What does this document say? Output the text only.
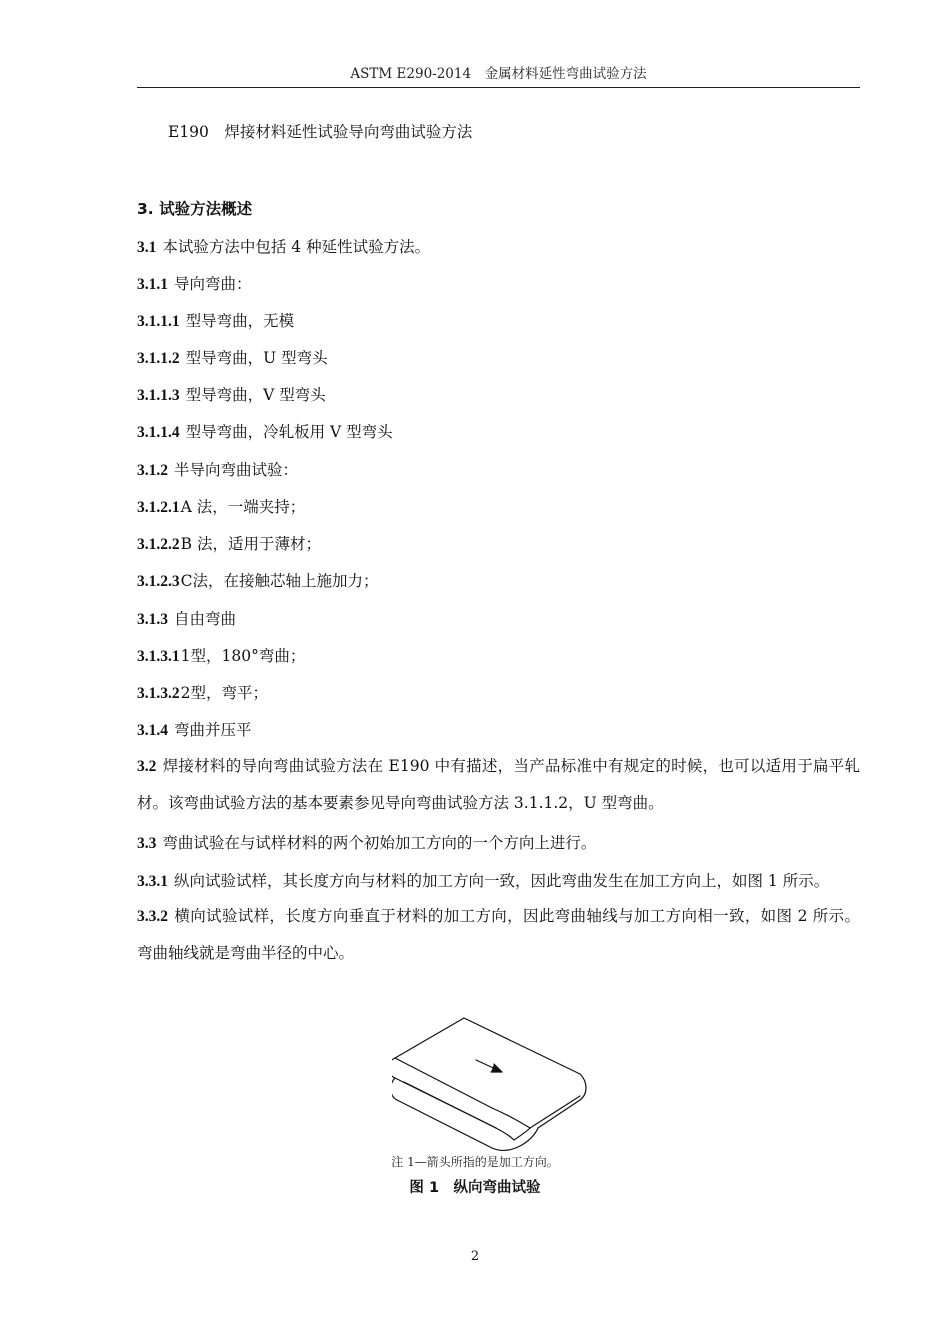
ASTM E290-2014　金属材料延性弯曲试验方法
E190　 焊接材料延性试验导向弯曲试验方法
3. 试验方法概述
3.1 本试验方法中包括 4 种延性试验方法。
3.1.1 导向弯曲：
3.1.1.1 型导弯曲，无模
3.1.1.2 型导弯曲，U 型弯头
3.1.1.3 型导弯曲，V 型弯头
3.1.1.4 型导弯曲，冷轧板用 V 型弯头
3.1.2 半导向弯曲试验：
3.1.2.1A 法，一端夹持；
3.1.2.2B 法，适用于薄材；
3.1.2.3C法，在接触芯轴上施加力；
3.1.3 自由弯曲
3.1.3.11型，180°弯曲；
3.1.3.22型，弯平；
3.1.4 弯曲并压平
3.2 焊接材料的导向弯曲试验方法在 E190 中有描述，当产品标准中有规定的时候，也可以适用于扁平轧材。该弯曲试验方法的基本要素参见导向弯曲试验方法 3.1.1.2，U 型弯曲。
3.3 弯曲试验在与试样材料的两个初始加工方向的一个方向上进行。
3.3.1 纵向试验试样，其长度方向与材料的加工方向一致，因此弯曲发生在加工方向上，如图 1 所示。
3.3.2 横向试验试样，长度方向垂直于材料的加工方向，因此弯曲轴线与加工方向相一致，如图 2 所示。弯曲轴线就是弯曲半径的中心。
注 1—箭头所指的是加工方向。
图 1　纵向弯曲试验
2
